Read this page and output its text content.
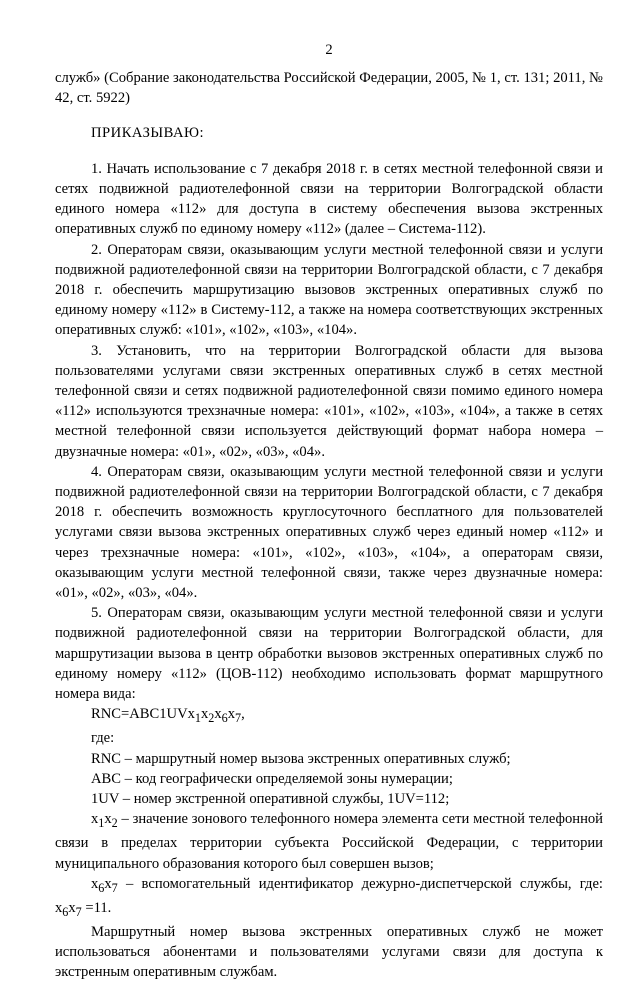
2

служб» (Собрание законодательства Российской Федерации, 2005, № 1, ст. 131; 2011, № 42, ст. 5922)

ПРИКАЗЫВАЮ:

1. Начать использование с 7 декабря 2018 г. в сетях местной телефонной связи и сетях подвижной радиотелефонной связи на территории Волгоградской области единого номера «112» для доступа в систему обеспечения вызова экстренных оперативных служб по единому номеру «112» (далее – Система-112).

2. Операторам связи, оказывающим услуги местной телефонной связи и услуги подвижной радиотелефонной связи на территории Волгоградской области, с 7 декабря 2018 г. обеспечить маршрутизацию вызовов экстренных оперативных служб по единому номеру «112» в Систему-112, а также на номера соответствующих экстренных оперативных служб: «101», «102», «103», «104».

3. Установить, что на территории Волгоградской области для вызова пользователями услугами связи экстренных оперативных служб в сетях местной телефонной связи и сетях подвижной радиотелефонной связи помимо единого номера «112» используются трехзначные номера: «101», «102», «103», «104», а также в сетях местной телефонной связи используется действующий формат набора номера – двузначные номера: «01», «02», «03», «04».

4. Операторам связи, оказывающим услуги местной телефонной связи и услуги подвижной радиотелефонной связи на территории Волгоградской области, с 7 декабря 2018 г. обеспечить возможность круглосуточного бесплатного для пользователей услугами связи вызова экстренных оперативных служб через единый номер «112» и через трехзначные номера: «101», «102», «103», «104», а операторам связи, оказывающим услуги местной телефонной связи, также через двузначные номера: «01», «02», «03», «04».

5. Операторам связи, оказывающим услуги местной телефонной связи и услуги подвижной радиотелефонной связи на территории Волгоградской области, для маршрутизации вызова в центр обработки вызовов экстренных оперативных служб по единому номеру «112» (ЦОВ-112) необходимо использовать формат маршрутного номера вида:

$RNC=ABC1UVx_1x_2x_6x_7$,

где:

RNC – маршрутный номер вызова экстренных оперативных служб;

ABC – код географически определяемой зоны нумерации;

1UV – номер экстренной оперативной службы, 1UV=112;

$x_1x_2$ – значение зонового телефонного номера элемента сети местной телефонной связи в пределах территории субъекта Российской Федерации, с территории муниципального образования которого был совершен вызов;

$x_6x_7$ – вспомогательный идентификатор дежурно-диспетчерской службы, где: $x_6x_7 =11$.

Маршрутный номер вызова экстренных оперативных служб не может использоваться абонентами и пользователями услугами связи для доступа к экстренным оперативным службам.
